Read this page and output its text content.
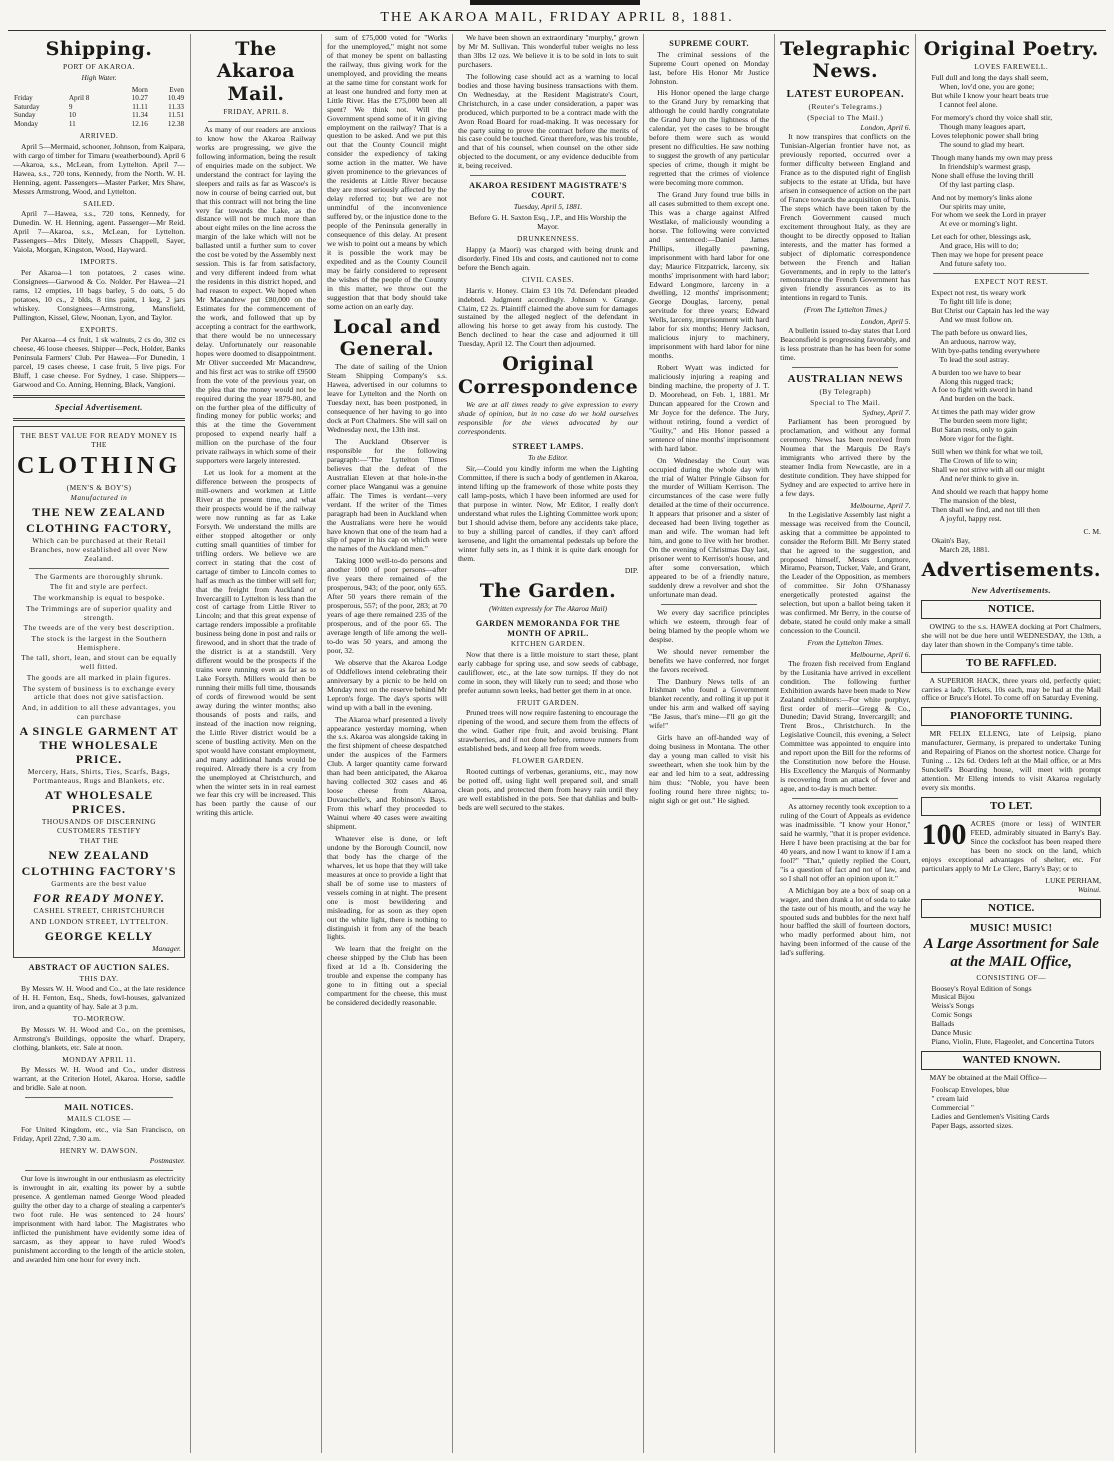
THE AKAROA MAIL, FRIDAY APRIL 8, 1881.
Shipping.
PORT OF AKAROA.
High Water.
		Morn	Even
Friday	April 8	10.27	10.49
Saturday	9	11.11	11.33
Sunday	10	11.34	11.51
Monday	11	12.16	12.38
ARRIVED.

April 5—Mermaid, schooner, Johnson, from Kaipara, with cargo of timber for Timaru (weatherbound). April 6—Akaroa, s.s., McLean, from Lyttelton. April 7—Hawea, s.s., 720 tons, Kennedy, from the North. W. H. Henning, agent. Passengers—Master Parker, Mrs Shaw, Messrs Armstrong, Wood, and Lyttelton.

SAILED.

April 7—Hawea, s.s., 720 tons, Kennedy, for Dunedin. W. H. Henning, agent. Passenger—Mr Reid. April 7—Akaroa, s.s., McLean, for Lyttelton. Passengers—Mrs Ditely, Messrs Chappell, Sayer, Vaiola, Morgan, Kingston, Wood, Hayward.

IMPORTS.

Per Akaroa—1 ton potatoes, 2 cases wine. Consignees—Garwood & Co. Nolder. Per Hawea—21 rams, 12 empties, 10 bags barley, 5 do oats, 5 do potatoes, 10 cs., 2 blds, 8 tins paint, 1 keg, 2 jars whiskey. Consignees—Armstrong, Mansfield, Pullington, Kissel, Glew, Noonan, Lyon, and Taylor.

EXPORTS.

Per Akaroa—4 cs fruit, 1 sk walnuts, 2 cs do, 302 cs cheese, 46 loose cheeses. Shipper—Peck, Holder, Banks Peninsula Farmers' Club. Per Hawea—For Dunedin, 1 parcel, 19 cases cheese, 1 case fruit, 5 live pigs. For Bluff, 1 case cheese. For Sydney, 1 case. Shippers—Garwood and Co. Anning, Henning, Black, Vangioni.

Special Advertisement.
THE BEST VALUE FOR READY MONEY IS THE
CLOTHING
(MEN'S & BOY'S)
Manufactured in
THE NEW ZEALAND
CLOTHING FACTORY,
Which can be purchased at their Retail Branches, now established all over New Zealand.
The Garments are thoroughly shrunk.
The fit and style are perfect.
The workmanship is equal to bespoke.
The Trimmings are of superior quality and strength.
The tweeds are of the very best description.
The stock is the largest in the Southern Hemisphere.
The tall, short, lean, and stout can be equally well fitted.
The goods are all marked in plain figures.
The system of business is to exchange every article that does not give satisfaction.
And, in addition to all these advantages, you can purchase
A SINGLE GARMENT AT THE WHOLESALE PRICE.
Mercery, Hats, Shirts, Ties, Scarfs, Bags, Portmanteaus, Rugs and Blankets, etc.
AT WHOLESALE PRICES.
THOUSANDS OF DISCERNING CUSTOMERS TESTIFY
THAT THE
NEW ZEALAND
CLOTHING FACTORY'S
Garments are the best value
FOR READY MONEY.
CASHEL STREET, CHRISTCHURCH
AND LONDON STREET, LYTTELTON.
GEORGE KELLY
Manager.
ABSTRACT OF AUCTION SALES.
THIS DAY.

By Messrs W. H. Wood and Co., at the late residence of H. H. Fenton, Esq., Sheds, fowl-houses, galvanized iron, and a quantity of hay. Sale at 3 p.m.

TO-MORROW.

By Messrs W. H. Wood and Co., on the premises, Armstrong's Buildings, opposite the wharf. Drapery, clothing, blankets, etc. Sale at noon.

MONDAY APRIL 11.

By Messrs W. H. Wood and Co., under distress warrant, at the Criterion Hotel, Akaroa. Horse, saddle and bridle. Sale at noon.

MAIL NOTICES.
MAILS CLOSE —

For United Kingdom, etc., via San Francisco, on Friday, April 22nd, 7.30 a.m.

HENRY W. DAWSON.
Postmaster.

Our love is inwrought in our enthusiasm as electricity is inwrought in air, exalting its power by a subtle presence. A gentleman named George Wood pleaded guilty the other day to a charge of stealing a carpenter's two foot rule. He was sentenced to 24 hours' imprisonment with hard labor. The Magistrates who inflicted the punishment have evidently some idea of sarcasm, as they appear to have ruled Wood's punishment according to the length of the article stolen, and awarded him one hour for every inch.

The Akaroa Mail.
FRIDAY, APRIL 8.

As many of our readers are anxious to know how the Akaroa Railway works are progressing, we give the following information, being the result of enquiries made on the subject. We understand the contract for laying the sleepers and rails as far as Wascoe's is now in course of being carried out, but that this contract will not bring the line very far towards the Lake, as the distance will not be much more than about eight miles on the line across the margin of the lake which will not be ballasted until a further sum to cover the cost be voted by the Assembly next session. This is far from satisfactory, and very different indeed from what the residents in this district hoped, and had reason to expect. We hoped when Mr Macandrew put £80,000 on the Estimates for the commencement of the work, and followed that up by accepting a contract for the earthwork, that there would be no unnecessary delay. Unfortunately our reasonable hopes were doomed to disappointment. Mr Oliver succeeded Mr Macandrew, and his first act was to strike off £9500 from the vote of the previous year, on the plea that the money would not be required during the year 1879-80, and on the further plea of the difficulty of finding money for public works; and this at the time the Government proposed to expend nearly half a million on the purchase of the four private railways in which some of their supporters were largely interested.

Let us look for a moment at the difference between the prospects of mill-owners and workmen at Little River at the present time, and what their prospects would be if the railway were now running as far as Lake Forsyth. We understand the mills are either stopped altogether or only cutting small quantities of timber for trifling orders. We believe we are correct in stating that the cost of cartage of timber to Lincoln comes to half as much as the timber will sell for; that the freight from Auckland or Invercargill to Lyttelton is less than the cost of cartage from Little River to Lincoln; and that this great expense of cartage renders impossible a profitable business being done in post and rails or firewood, and in short that the trade of the district is at a standstill. Very different would be the prospects if the trains were running even as far as to Lake Forsyth. Millers would then be running their mills full time, thousands of cords of firewood would be sent away during the winter months; also thousands of posts and rails, and instead of the inaction now reigning, the Little River district would be a scene of bustling activity. Men on the spot would have constant employment, and many additional hands would be required. Already there is a cry from the unemployed at Christchurch, and when the winter sets in in real earnest we fear this cry will be increased. This has been partly the cause of our writing this article.

sum of £75,000 voted for "Works for the unemployed," might not some of that money be spent on ballasting the railway, thus giving work for the unemployed, and providing the means at the same time for constant work for at least one hundred and forty men at Little River. Has the £75,000 been all spent? We think not. Will the Government spend some of it in giving employment on the railway? That is a question to be asked. And we put this out that the County Council might consider the expediency of taking some action in the matter. We have given prominence to the grievances of the residents at Little River because they are most seriously affected by the delay referred to; but we are not unmindful of the inconvenience suffered by, or the injustice done to the people of the Peninsula generally in consequence of this delay. At present we wish to point out a means by which it is possible the work may be expedited and as the County Council may be fairly considered to represent the wishes of the people of the County in this matter, we throw out the suggestion that that body should take some action on an early day.

Local and General.

The date of sailing of the Union Steam Shipping Company's s.s. Hawea, advertised in our columns to leave for Lyttelton and the North on Tuesday next, has been postponed, in consequence of her having to go into dock at Port Chalmers. She will sail on Wednesday next, the 13th inst.

The Auckland Observer is responsible for the following paragraph:—"The Lyttelton Times believes that the defeat of the Australian Eleven at that hole-in-the corner place Wanganui was a genuine affair. The Times is verdant—very verdant. If the writer of the Times paragraph had been in Auckland when the Australians were here he would have known that one of the team had a slip of paper in his cap on which were the names of the Auckland men."

Taking 1000 well-to-do persons and another 1000 of poor persons—after five years there remained of the prosperous, 943; of the poor, only 655. After 50 years there remain of the prosperous, 557; of the poor, 283; at 70 years of age there remained 235 of the prosperous, and of the poor 65. The average length of life among the well-to-do was 50 years, and among the poor, 32.

We observe that the Akaroa Lodge of Oddfellows intend celebrating their anniversary by a picnic to be held on Monday next on the reserve behind Mr Lepron's forge. The day's sports will wind up with a ball in the evening.

The Akaroa wharf presented a lively appearance yesterday morning, when the s.s. Akaroa was alongside taking in the first shipment of cheese despatched under the auspices of the Farmers Club. A larger quantity came forward than had been anticipated, the Akaroa having collected 302 cases and 46 loose cheese from Akaroa, Duvauchelle's, and Robinson's Bays. From this wharf they proceeded to Wainui where 40 cases were awaiting shipment.

Whatever else is done, or left undone by the Borough Council, now that body has the charge of the wharves, let us hope that they will take measures at once to provide a light that shall be of some use to masters of vessels coming in at night. The present one is most bewildering and misleading, for as soon as they open out the white light, there is nothing to distinguish it from any of the beach lights.

We learn that the freight on the cheese shipped by the Club has been fixed at 1d a lb. Considering the trouble and expense the company has gone to in fitting out a special compartment for the cheese, this must be considered decidedly reasonable.

We have been shown an extraordinary "murphy," grown by Mr M. Sullivan. This wonderful tuber weighs no less than 3lbs 12 ozs. We believe it is to be sold in lots to suit purchasers.

The following case should act as a warning to local bodies and those having business transactions with them. On Wednesday, at the Resident Magistrate's Court, Christchurch, in a case under consideration, a paper was produced, which purported to be a contract made with the Avon Road Board for road-making. It was necessary for the party suing to prove the contract before the merits of his case could be touched. Great therefore, was his trouble, and that of his counsel, when counsel on the other side objected to the document, or any evidence deducible from it, being received.

AKAROA RESIDENT MAGISTRATE'S COURT.
Tuesday, April 5, 1881.

Before G. H. Saxton Esq., J.P., and His Worship the Mayor.

DRUNKENNESS.

Happy (a Maori) was charged with being drunk and disorderly. Fined 10s and costs, and cautioned not to come before the Bench again.

CIVIL CASES.

Harris v. Honey. Claim £3 10s 7d. Defendant pleaded indebted. Judgment accordingly. Johnson v. Grange. Claim, £2 2s. Plaintiff claimed the above sum for damages sustained by the alleged neglect of the defendant in allowing his horse to get away from his custody. The Bench declined to hear the case and adjourned it till Tuesday, April 12. The Court then adjourned.

Original Correspondence

We are at all times ready to give expression to every shade of opinion, but in no case do we hold ourselves responsible for the views advocated by our correspondents.

STREET LAMPS.
To the Editor.

Sir,—Could you kindly inform me when the Lighting Committee, if there is such a body of gentlemen in Akaroa, intend lifting up the framework of those white posts they call lamp-posts, which I have been informed are used for that purpose in winter. Now, Mr Editor, I really don't understand what rules the Lighting Committee work upon; but I should advise them, before any accidents take place, to buy a shilling parcel of candles, if they can't afford kerosene, and light the ornamental pedestals up before the winter fully sets in, as I think it is quite dark enough for them.

DIP.
The Garden.
(Written expressly for The Akaroa Mail)
GARDEN MEMORANDA FOR THE MONTH OF APRIL.
KITCHEN GARDEN.

Now that there is a little moisture to start these, plant early cabbage for spring use, and sow seeds of cabbage, cauliflower, etc., at the late sow turnips. If they do not come in soon, they will likely run to seed; and those who prefer autumn sown leeks, had better get them in at once.

FRUIT GARDEN.

Pruned trees will now require fastening to encourage the ripening of the wood, and secure them from the effects of the wind. Gather ripe fruit, and avoid bruising. Plant strawberries, and if not done before, remove runners from established beds, and keep all free from weeds.

FLOWER GARDEN.

Rooted cuttings of verbenas, geraniums, etc., may now be potted off, using light well prepared soil, and small clean pots, and protected them from heavy rain until they are well established in the pots. See that dahlias and bulb-beds are well secured to the stakes.

SUPREME COURT.

The criminal sessions of the Supreme Court opened on Monday last, before His Honor Mr Justice Johnston.

His Honor opened the large charge to the Grand Jury by remarking that although he could hardly congratulate the Grand Jury on the lightness of the calendar, yet the cases to be brought before them were such as would present no difficulties. He saw nothing to suggest the growth of any particular species of crime, though it might be regretted that the crimes of violence were becoming more common.

The Grand Jury found true bills in all cases submitted to them except one. This was a charge against Alfred Westlake, of maliciously wounding a horse. The following were convicted and sentenced:—Daniel James Phillips, illegally pawning, imprisonment with hard labor for one day; Maurice Fitzpatrick, larceny, six months' imprisonment with hard labor; Edward Longmore, larceny in a dwelling, 12 months' imprisonment; George Douglas, larceny, penal servitude for three years; Edward Wells, larceny, imprisonment with hard labor for six months; Henry Jackson, malicious injury to machinery, imprisonment with hard labor for nine months.

Robert Wyatt was indicted for maliciously injuring a reaping and binding machine, the property of J. T. D. Moorehead, on Feb. 1, 1881. Mr Duncan appeared for the Crown and Mr Joyce for the defence. The Jury, without retiring, found a verdict of "Guilty," and His Honor passed a sentence of nine months' imprisonment with hard labor.

On Wednesday the Court was occupied during the whole day with the trial of Walter Pringle Gibson for the murder of William Kerrison. The circumstances of the case were fully detailed at the time of their occurrence. It appears that prisoner and a sister of deceased had been living together as man and wife. The woman had left him, and gone to live with her brother. On the evening of Christmas Day last, prisoner went to Kerrison's house, and after some conversation, which appeared to be of a friendly nature, suddenly drew a revolver and shot the unfortunate man dead.

We every day sacrifice principles which we esteem, through fear of being blamed by the people whom we despise.

We should never remember the benefits we have conferred, nor forget the favors received.

The Danbury News tells of an Irishman who found a Government blanket recently, and rolling it up put it under his arm and walked off saying "Be Jasus, that's mine—I'll go git the wife!"

Girls have an off-handed way of doing business in Montana. The other day a young man called to visit his sweetheart, when she took him by the ear and led him to a seat, addressing him thus: "Noble, you have been fooling round here three nights; to-night sigh or get out." He sighed.

Telegraphic News.
LATEST EUROPEAN.
(Reuter's Telegrams.)
(Special to The Mail.)
London, April 6.

It now transpires that conflicts on the Tunisian-Algerian frontier have not, as previously reported, occurred over a former difficulty between England and France as to the disputed right of English subjects to the estate at Ufida, but have arisen in consequence of action on the part of France towards the acquisition of Tunis. The steps which have been taken by the French Government caused much excitement throughout Italy, as they are thought to be directly opposed to Italian interests, and the matter has formed a subject of diplomatic correspondence between the French and Italian Governments, and in reply to the latter's remonstrance the French Government has given friendly assurances as to its intentions in regard to Tunis.

(From The Lyttelton Times.)
London, April 5.

A bulletin issued to-day states that Lord Beaconsfield is progressing favorably, and is less prostrate than he has been for some time.

AUSTRALIAN NEWS
(By Telegraph)
Special to The Mail.
Sydney, April 7.

Parliament has been prorogued by proclamation, and without any formal ceremony. News has been received from Noumea that the Marquis De Ray's immigrants who arrived there by the steamer India from Newcastle, are in a destitute condition. They have shipped for Sydney and are expected to arrive here in a few days.

Melbourne, April 7.

In the Legislative Assembly last night a message was received from the Council, asking that a committee be appointed to consider the Reform Bill. Mr Berry stated that he agreed to the suggestion, and proposed himself, Messrs Longmore, Miramo, Pearson, Tucker, Vale, and Grant, the Leader of the Opposition, as members of committee. Sir John O'Shanassy energetically protested against the selection, but upon a ballot being taken it was confirmed. Mr Berry, in the course of debate, stated he could only make a small concession to the Council.

From the Lyttelton Times.
Melbourne, April 6.

The frozen fish received from England by the Lusitania have arrived in excellent condition. The following further Exhibition awards have been made to New Zealand exhibitors:—For white porphyr, first order of merit—Gregg & Co., Dunedin; David Strang, Invercargill; and Trent Bros., Christchurch. In the Legislative Council, this evening, a Select Committee was appointed to enquire into and report upon the Bill for the reforms of the Constitution now before the House. His Excellency the Marquis of Normanby is recovering from an attack of fever and ague, and to-day is much better.

As attorney recently took exception to a ruling of the Court of Appeals as evidence was inadmissible. "I know your Honor," said he warmly, "that it is proper evidence. Here I have been practising at the bar for 40 years, and now I want to know if I am a fool?" "That," quietly replied the Court, "is a question of fact and not of law, and so I shall not offer an opinion upon it."

A Michigan boy ate a box of soap on a wager, and then drank a lot of soda to take the taste out of his mouth, and the way he spouted suds and bubbles for the next half hour baffled the skill of fourteen doctors, who madly performed about him, not having been informed of the cause of the lad's suffering.

Original Poetry.
LOVES FAREWELL.
Full dull and long the days shall seem,
When, lov'd one, you are gone;
But while I know your heart beats true
I cannot feel alone.
For memory's chord thy voice shall stir,
Though many leagues apart,
Loves telephonic power shall bring
The sound to glad my heart.
Though many hands my own may press
In friendship's warmest grasp,
None shall effuse the loving thrill
Of thy last parting clasp.
And not by memory's links alone
Our spirits may unite,
For whom we seek the Lord in prayer
At eve or morning's light.
Let each for other, blessings ask,
And grace, His will to do;
Then may we hope for present peace
And future safety too.
EXPECT NOT REST.
Expect not rest, tis weary work
To fight till life is done;
But Christ our Captain has led the way
And we must follow on.
The path before us onward lies,
An arduous, narrow way,
With bye-paths tending everywhere
To lead the soul astray.
A burden too we have to bear
Along this rugged track;
A foe to fight with sword in hand
And burden on the back.
At times the path may wider grow
The burden seem more light;
But Satan rests, only to gain
More vigor for the fight.
Still when we think for what we toil,
The Crown of life to win;
Shall we not strive with all our might
And ne'er think to give in.
And should we reach that happy home
The mansion of the blest,
Then shall we find, and not till then
A joyful, happy rest.
C. M.
Okain's Bay,
March 28, 1881.
Advertisements.
New Advertisements.
NOTICE.

OWING to the s.s. HAWEA docking at Port Chalmers, she will not be due here until WEDNESDAY, the 13th, a day later than shown in the Company's time table.

TO BE RAFFLED.

A SUPERIOR HACK, three years old, perfectly quiet; carries a lady. Tickets, 10s each, may be had at the Mail office or Bruce's Hotel. To come off on Saturday Evening.

PIANOFORTE TUNING.

MR FELIX ELLENG, late of Leipsig, piano manufacturer, Germany, is prepared to undertake Tuning and Repairing of Pianos on the shortest notice. Charge for Tuning ... 12s 6d. Orders left at the Mail office, or at Mrs Sunckell's Boarding house, will meet with prompt attention. Mr Elleng intends to visit Akaroa regularly every six months.

TO LET.
100 ACRES (more or less) of WINTER FEED, admirably situated in Barry's Bay. Since the cocksfoot has been reaped there has been no stock on the land, which enjoys exceptional advantages of shelter, etc. For particulars apply to Mr Le Clerc, Barry's Bay; or to

LUKE PERHAM,
Wainui.
NOTICE.
MUSIC! MUSIC!
A Large Assortment for Sale at the MAIL Office,
CONSISTING OF—
Boosey's Royal Edition of Songs
Musical Bijou
Weiss's Songs
Comic Songs
Ballads
Dance Music
Piano, Violin, Flute, Flageolet, and Concertina Tutors
WANTED KNOWN.

MAY be obtained at the Mail Office—

Foolscap Envelopes, blue
" cream laid
Commercial "
Ladies and Gentlemen's Visiting Cards
Paper Bags, assorted sizes.
